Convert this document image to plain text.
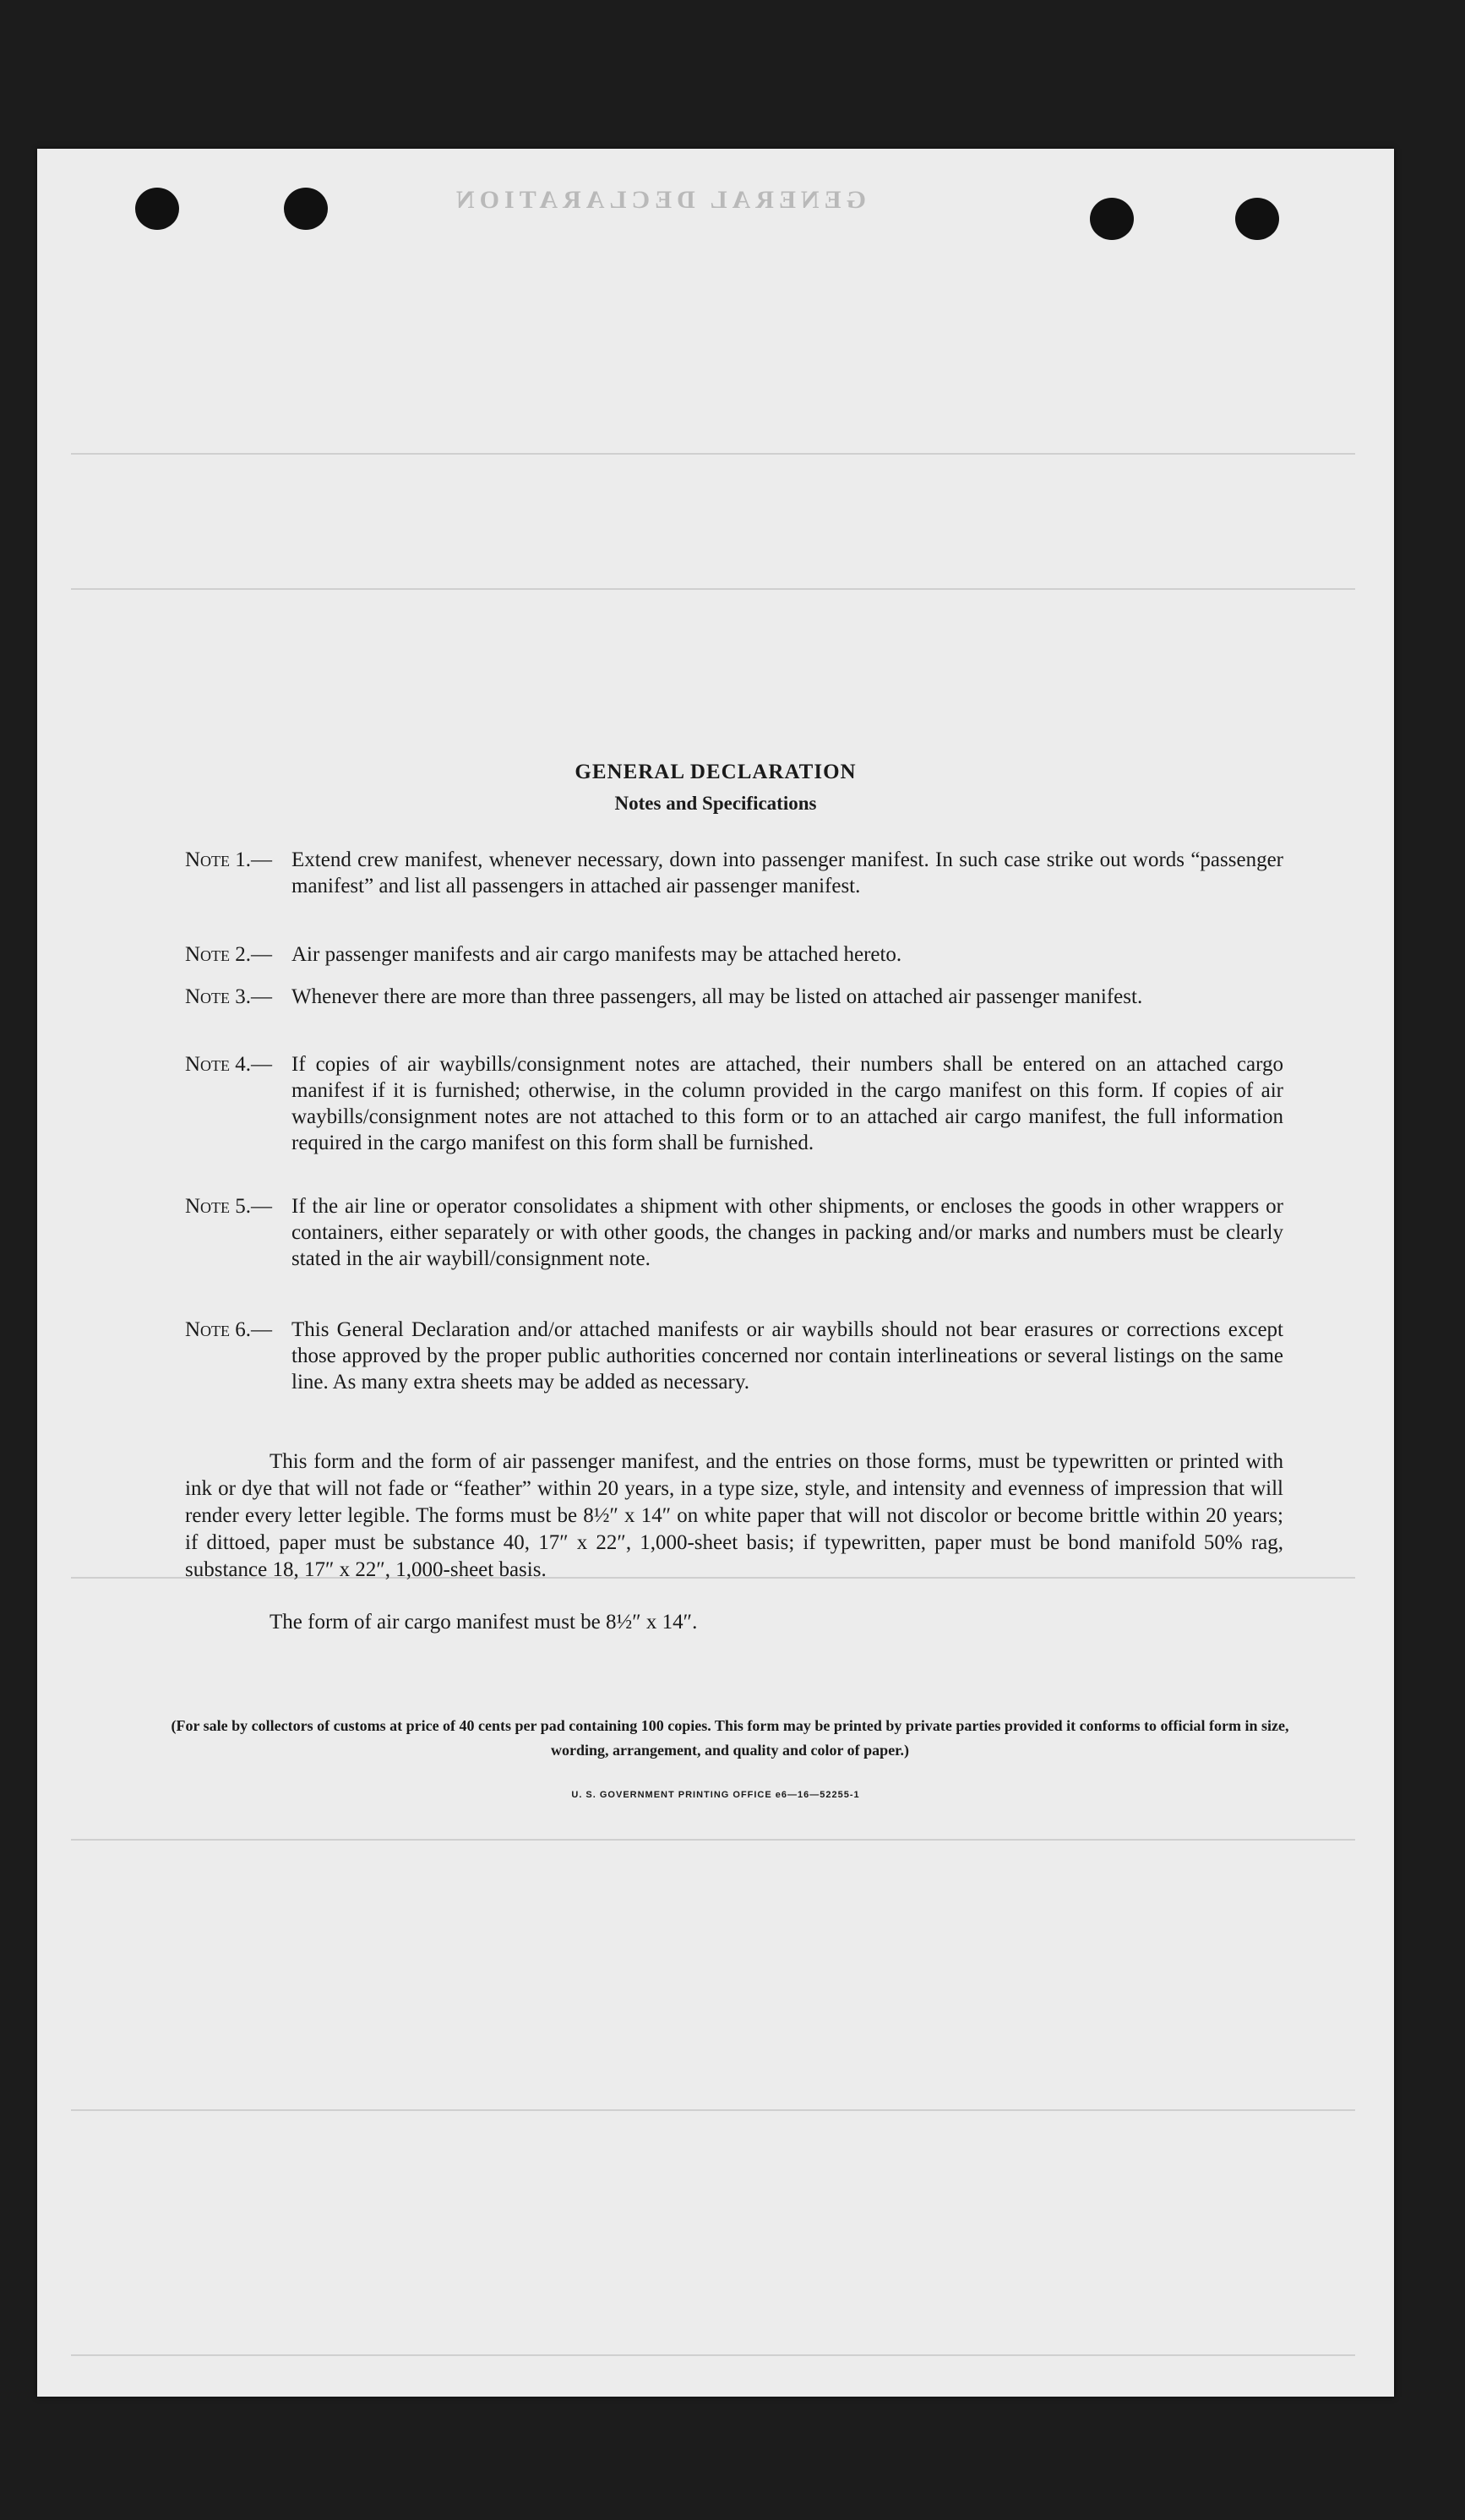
GENERAL DECLARATION
GENERAL DECLARATION
Notes and Specifications
Note 1.— Extend crew manifest, whenever necessary, down into passenger manifest. In such case strike out words “passenger manifest” and list all passengers in attached air passenger manifest.
Note 2.— Air passenger manifests and air cargo manifests may be attached hereto.
Note 3.— Whenever there are more than three passengers, all may be listed on attached air passenger manifest.
Note 4.— If copies of air waybills/consignment notes are attached, their numbers shall be entered on an attached cargo manifest if it is furnished; otherwise, in the column provided in the cargo manifest on this form. If copies of air waybills/consignment notes are not attached to this form or to an attached air cargo manifest, the full information required in the cargo manifest on this form shall be furnished.
Note 5.— If the air line or operator consolidates a shipment with other shipments, or encloses the goods in other wrappers or containers, either separately or with other goods, the changes in packing and/or marks and numbers must be clearly stated in the air waybill/consignment note.
Note 6.— This General Declaration and/or attached manifests or air waybills should not bear erasures or corrections except those approved by the proper public authorities concerned nor contain interlineations or several listings on the same line. As many extra sheets may be added as necessary.
This form and the form of air passenger manifest, and the entries on those forms, must be typewritten or printed with ink or dye that will not fade or “feather” within 20 years, in a type size, style, and intensity and evenness of impression that will render every letter legible. The forms must be 8½″ x 14″ on white paper that will not discolor or become brittle within 20 years; if dittoed, paper must be substance 40, 17″ x 22″, 1,000-sheet basis; if typewritten, paper must be bond manifold 50% rag, substance 18, 17″ x 22″, 1,000-sheet basis.
The form of air cargo manifest must be 8½″ x 14″.
(For sale by collectors of customs at price of 40 cents per pad containing 100 copies. This form may be printed by private parties provided it conforms to official form in size, wording, arrangement, and quality and color of paper.)
U. S. GOVERNMENT PRINTING OFFICE e6—16—52255-1
